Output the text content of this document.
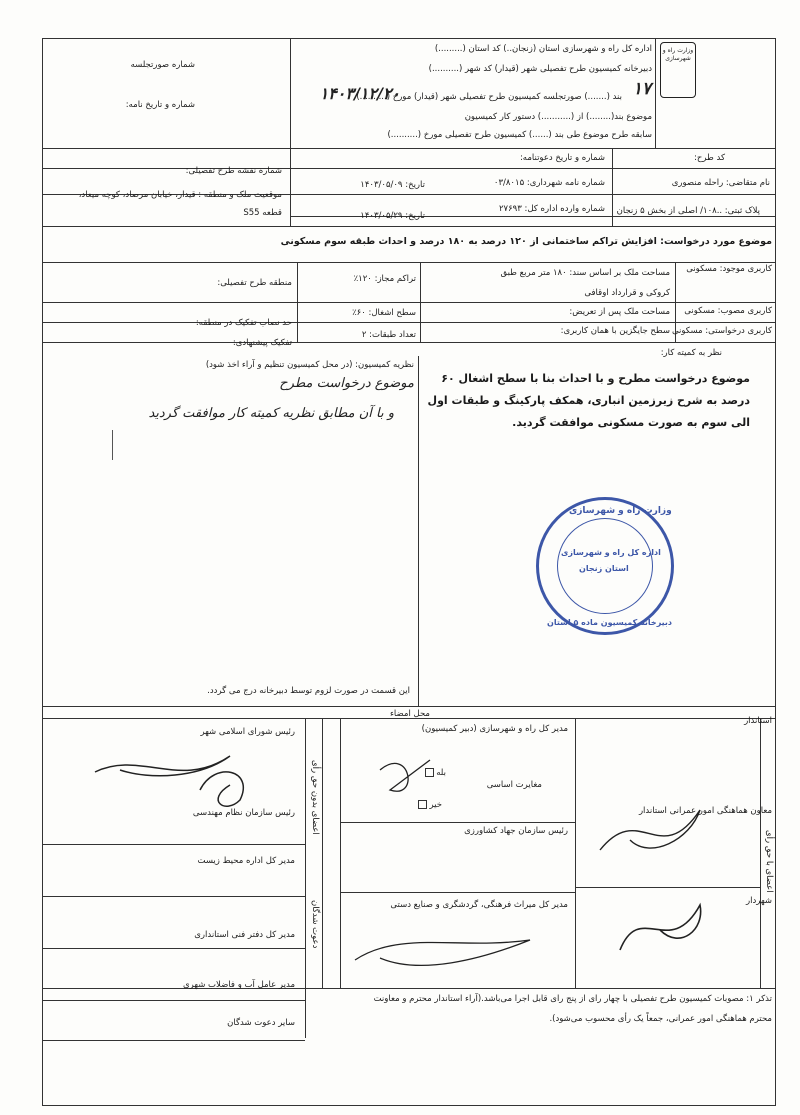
وزارت راه و شهرسازی
اداره کل راه و شهرسازی استان (زنجان..) کد استان (.........)
دبیرخانه کمیسیون طرح تفصیلی شهر (قیدار) کد شهر (..........)
بند (.......) صورتجلسه کمیسیون طرح تفصیلی شهر (قیدار) مورخ (..........) ۱۷
۱۴۰۳/۱۲/۲۰
موضوع بند(........) از (...........) دستور کار کمیسیون
سابقه طرح موضوع طی بند (......) کمیسیون طرح تفصیلی مورخ (..........)
شماره صورتجلسه
شماره و تاریخ نامه:
کد طرح:
شماره و تاریخ دعوتنامه:
شماره نقشه طرح تفصیلی:
نام متقاضی: راحله منصوری
شماره نامه شهرداری: ۰۳/۸۰۱۵
تاریخ: ۱۴۰۳/۰۵/۰۹
پلاک ثبتی: ..۱۰۸/ اصلی از بخش ۵ زنجان
شماره وارده اداره کل: ۲۷۶۹۳
تاریخ: ۱۴۰۳/۰۵/۲۹
موقعیت ملک و منطقه : قیدار، خیابان مرصاد، کوچه میعاد،
قطعه S55
موضوع مورد درخواست: افزایش تراکم ساختمانی از ۱۲۰ درصد به ۱۸۰ درصد و احداث طبقه سوم مسکونی
کاربری موجود: مسکونی
مساحت ملک بر اساس سند: ۱۸۰ متر مربع طبق
کروکی و قرارداد اوقافی
تراکم مجاز: ۱۲۰٪
منطقه طرح تفصیلی:
کاربری مصوب: مسکونی
مساحت ملک پس از تعریض:
سطح اشغال: ۶۰٪
حد نصاب تفکیک در منطقه:
کاربری درخواستی: مسکونی
سطح جایگزین با همان کاربری:
تعداد طبقات: ۲
تفکیک پیشنهادی:
نظر به کمیته کار:
موضوع درخواست مطرح و با احداث بنا با سطح اشغال ۶۰ درصد به شرح زیرزمین انباری، همکف پارکینگ و طبقات اول الی سوم به صورت مسکونی موافقت گردید.
نظریه کمیسیون: (در محل کمیسیون تنظیم و آراء اخذ شود)
موضوع درخواست مطرح
و با آن مطابق نظریه کمیته کار موافقت گردید
این قسمت در صورت لزوم توسط دبیرخانه درج می گردد.
وزارت راه و شهرسازی
اداره کل راه و شهرسازی
استان زنجان
دبیرخانه کمیسیون ماده ۵ استان
محل امضاء
اعضای با حق رأی
استاندار
معاون هماهنگی امور عمرانی استاندار
شهردار
مدیر کل راه و شهرسازی (دبیر کمیسیون)
مغایرت اساسی
بله
خیر
رئیس سازمان جهاد کشاورزی
مدیر کل میراث فرهنگی، گردشگری و صنایع دستی
اعضای بدون حق رأی
دعوت شدگان
رئیس شورای اسلامی شهر
رئیس سازمان نظام مهندسی
مدیر کل اداره محیط زیست
مدیر کل دفتر فنی استانداری
مدیر عامل آب و فاضلاب شهری
سایر دعوت شدگان
تذکر ۱: مصوبات کمیسیون طرح تفصیلی با چهار رای از پنج رای قابل اجرا می‌باشد.(آراء استاندار محترم و معاونت
محترم هماهنگی امور عمرانی، جمعاً یک رأی محسوب می‌شود).
